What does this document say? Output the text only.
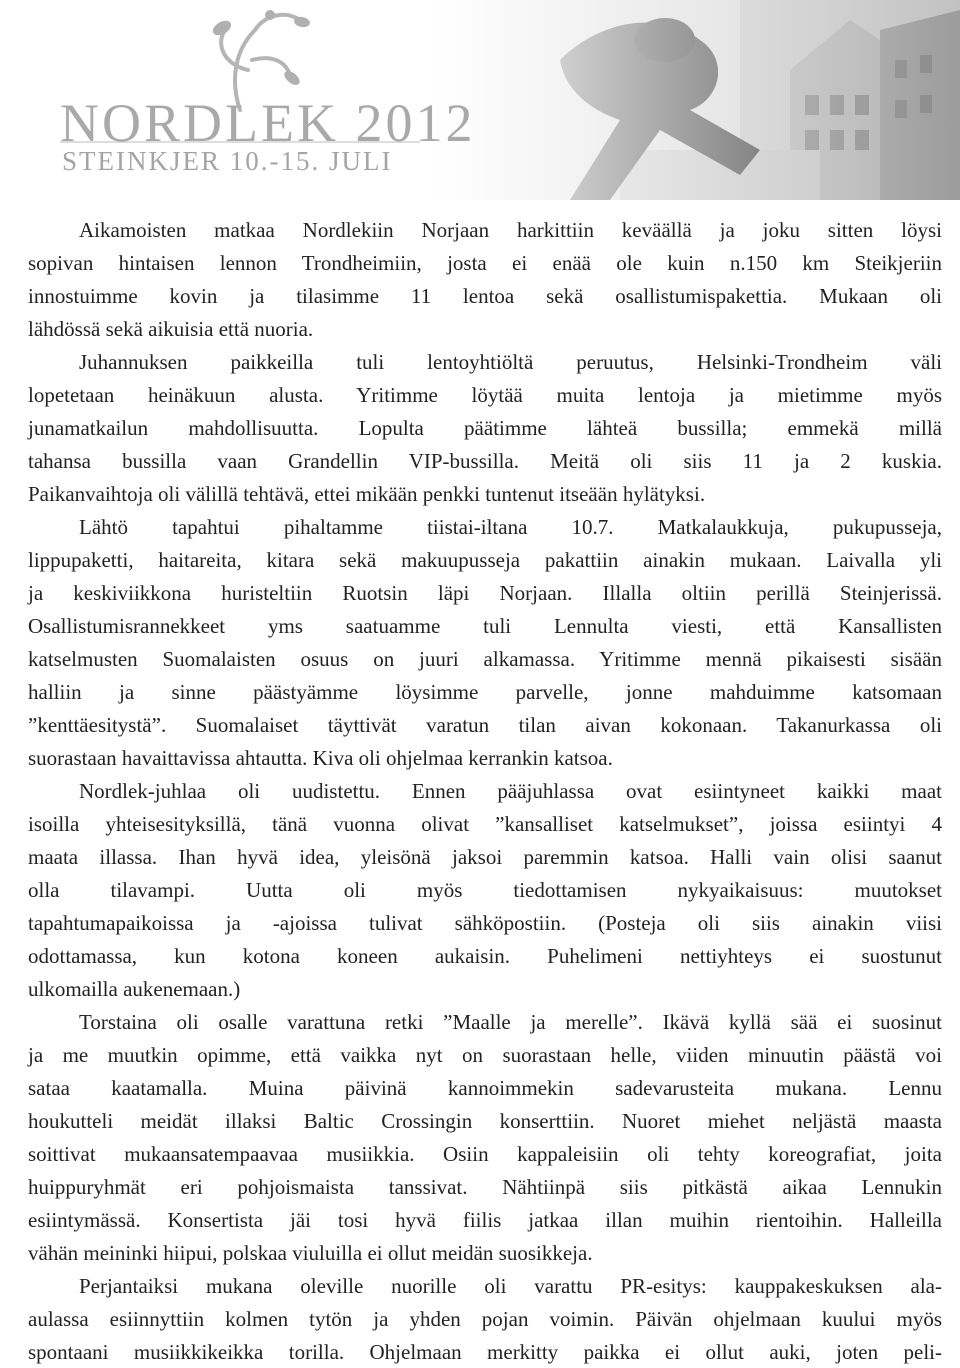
NORDLEK 2012
STEINKJER 10.-15. JULI
Aikamoisten matkaa Nordlekiin Norjaan harkittiin keväällä ja joku sitten löysi
sopivan hintaisen lennon Trondheimiin, josta ei enää ole kuin n.150 km Steikjeriin
innostuimme kovin ja tilasimme 11 lentoa sekä osallistumispakettia. Mukaan oli
lähdössä sekä aikuisia että nuoria.
Juhannuksen paikkeilla tuli lentoyhtiöltä peruutus, Helsinki-Trondheim väli
lopetetaan heinäkuun alusta. Yritimme löytää muita lentoja ja mietimme myös
junamatkailun mahdollisuutta. Lopulta päätimme lähteä bussilla; emmekä millä
tahansa bussilla vaan Grandellin VIP-bussilla. Meitä oli siis 11 ja 2 kuskia.
Paikanvaihtoja oli välillä tehtävä, ettei mikään penkki tuntenut itseään hylätyksi.
Lähtö tapahtui pihaltamme tiistai-iltana 10.7. Matkalaukkuja, pukupusseja,
lippupaketti, haitareita, kitara sekä makuupusseja pakattiin ainakin mukaan. Laivalla yli
ja keskiviikkona huristeltiin Ruotsin läpi Norjaan. Illalla oltiin perillä Steinjerissä.
Osallistumisrannekkeet yms saatuamme tuli Lennulta viesti, että Kansallisten
katselmusten Suomalaisten osuus on juuri alkamassa. Yritimme mennä pikaisesti sisään
halliin ja sinne päästyämme löysimme parvelle, jonne mahduimme katsomaan
”kenttäesitystä”. Suomalaiset täyttivät varatun tilan aivan kokonaan. Takanurkassa oli
suorastaan havaittavissa ahtautta. Kiva oli ohjelmaa kerrankin katsoa.
Nordlek-juhlaa oli uudistettu. Ennen pääjuhlassa ovat esiintyneet kaikki maat
isoilla yhteisesityksillä, tänä vuonna olivat ”kansalliset katselmukset”, joissa esiintyi 4
maata illassa. Ihan hyvä idea, yleisönä jaksoi paremmin katsoa. Halli vain olisi saanut
olla tilavampi. Uutta oli myös tiedottamisen nykyaikaisuus: muutokset
tapahtumapaikoissa ja -ajoissa tulivat sähköpostiin. (Posteja oli siis ainakin viisi
odottamassa, kun kotona koneen aukaisin. Puhelimeni nettiyhteys ei suostunut
ulkomailla aukenemaan.)
Torstaina oli osalle varattuna retki ”Maalle ja merelle”. Ikävä kyllä sää ei suosinut
ja me muutkin opimme, että vaikka nyt on suorastaan helle, viiden minuutin päästä voi
sataa kaatamalla. Muina päivinä kannoimmekin sadevarusteita mukana. Lennu
houkutteli meidät illaksi Baltic Crossingin konserttiin. Nuoret miehet neljästä maasta
soittivat mukaansatempaavaa musiikkia. Osiin kappaleisiin oli tehty koreografiat, joita
huippuryhmät eri pohjoismaista tanssivat. Nähtiinpä siis pitkästä aikaa Lennukin
esiintymässä. Konsertista jäi tosi hyvä fiilis jatkaa illan muihin rientoihin. Halleilla
vähän meininki hiipui, polskaa viuluilla ei ollut meidän suosikkeja.
Perjantaiksi mukana oleville nuorille oli varattu PR-esitys: kauppakeskuksen ala-
aulassa esiinnyttiin kolmen tytön ja yhden pojan voimin. Päivän ohjelmaan kuului myös
spontaani musiikkikeikka torilla. Ohjelmaan merkitty paikka ei ollut auki, joten peli-
